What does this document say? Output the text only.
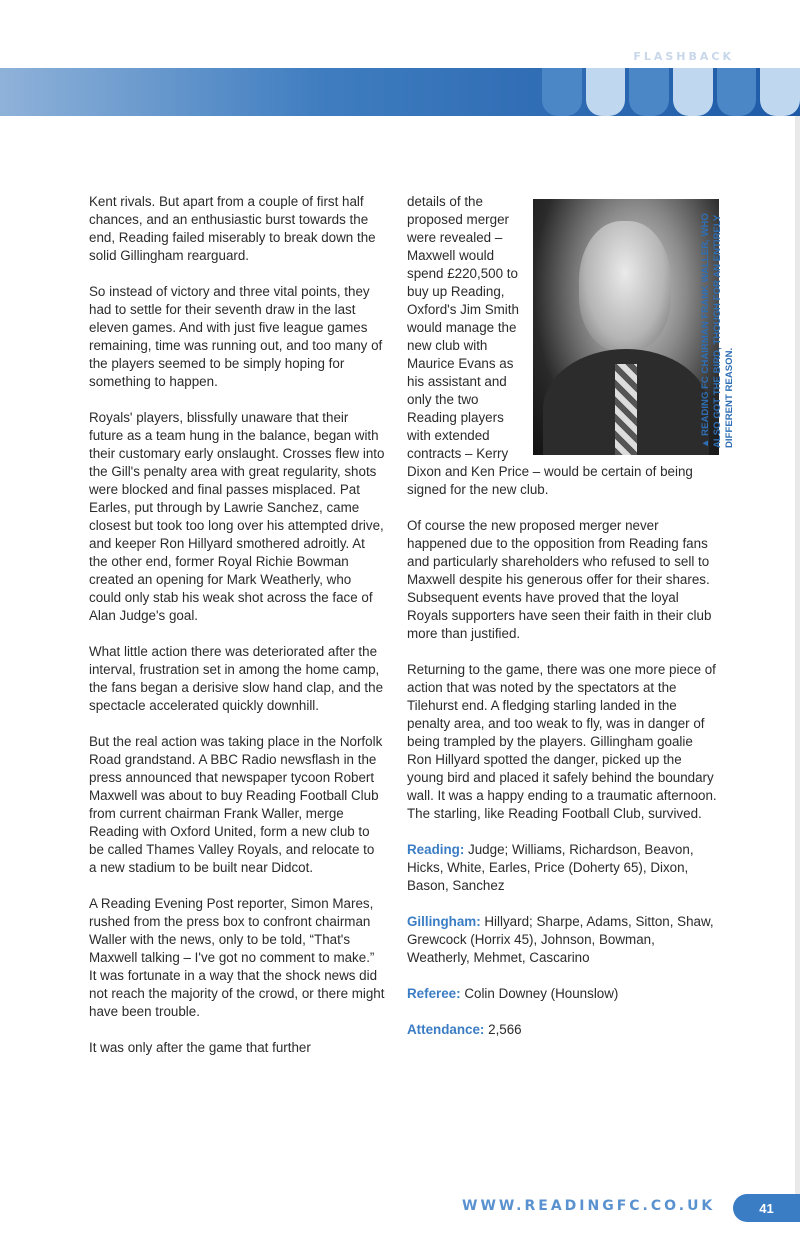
FLASHBACK

Kent rivals. But apart from a couple of first half chances, and an enthusiastic burst towards the end, Reading failed miserably to break down the solid Gillingham rearguard.

So instead of victory and three vital points, they had to settle for their seventh draw in the last eleven games. And with just five league games remaining, time was running out, and too many of the players seemed to be simply hoping for something to happen.

Royals' players, blissfully unaware that their future as a team hung in the balance, began with their customary early onslaught. Crosses flew into the Gill's penalty area with great regularity, shots were blocked and final passes misplaced. Pat Earles, put through by Lawrie Sanchez, came closest but took too long over his attempted drive, and keeper Ron Hillyard smothered adroitly. At the other end, former Royal Richie Bowman created an opening for Mark Weatherly, who could only stab his weak shot across the face of Alan Judge's goal.

What little action there was deteriorated after the interval, frustration set in among the home camp, the fans began a derisive slow hand clap, and the spectacle accelerated quickly downhill.

But the real action was taking place in the Norfolk Road grandstand. A BBC Radio newsflash in the press announced that newspaper tycoon Robert Maxwell was about to buy Reading Football Club from current chairman Frank Waller, merge Reading with Oxford United, form a new club to be called Thames Valley Royals, and relocate to a new stadium to be built near Didcot.

A Reading Evening Post reporter, Simon Mares, rushed from the press box to confront chairman Waller with the news, only to be told, “That's Maxwell talking – I've got no comment to make.” It was fortunate in a way that the shock news did not reach the majority of the crowd, or there might have been trouble.

It was only after the game that further

details of the proposed merger were revealed – Maxwell would spend £220,500 to buy up Reading, Oxford's Jim Smith would manage the new club with Maurice Evans as his assistant and only the two Reading players with extended contracts – Kerry Dixon and Ken Price – would be certain of being signed for the new club.

Of course the new proposed merger never happened due to the opposition from Reading fans and particularly shareholders who refused to sell to Maxwell despite his generous offer for their shares. Subsequent events have proved that the loyal Royals supporters have seen their faith in their club more than justified.

Returning to the game, there was one more piece of action that was noted by the spectators at the Tilehurst end. A fledging starling landed in the penalty area, and too weak to fly, was in danger of being trampled by the players. Gillingham goalie Ron Hillyard spotted the danger, picked up the young bird and placed it safely behind the boundary wall. It was a happy ending to a traumatic afternoon. The starling, like Reading Football Club, survived.

Reading: Judge; Williams, Richardson, Beavon, Hicks, White, Earles, Price (Doherty 65), Dixon, Bason, Sanchez

Gillingham: Hillyard; Sharpe, Adams, Sitton, Shaw, Grewcock (Horrix 45), Johnson, Bowman, Weatherly, Mehmet, Cascarino

Referee: Colin Downey (Hounslow)

Attendance: 2,566

▲ READING FC CHAIRMAN FRANK WALLER, WHO ALSO GOT THE BIRD, THOUGH FOR AN ENTIRELY DIFFERENT REASON.
WWW.READINGFC.CO.UK	41
